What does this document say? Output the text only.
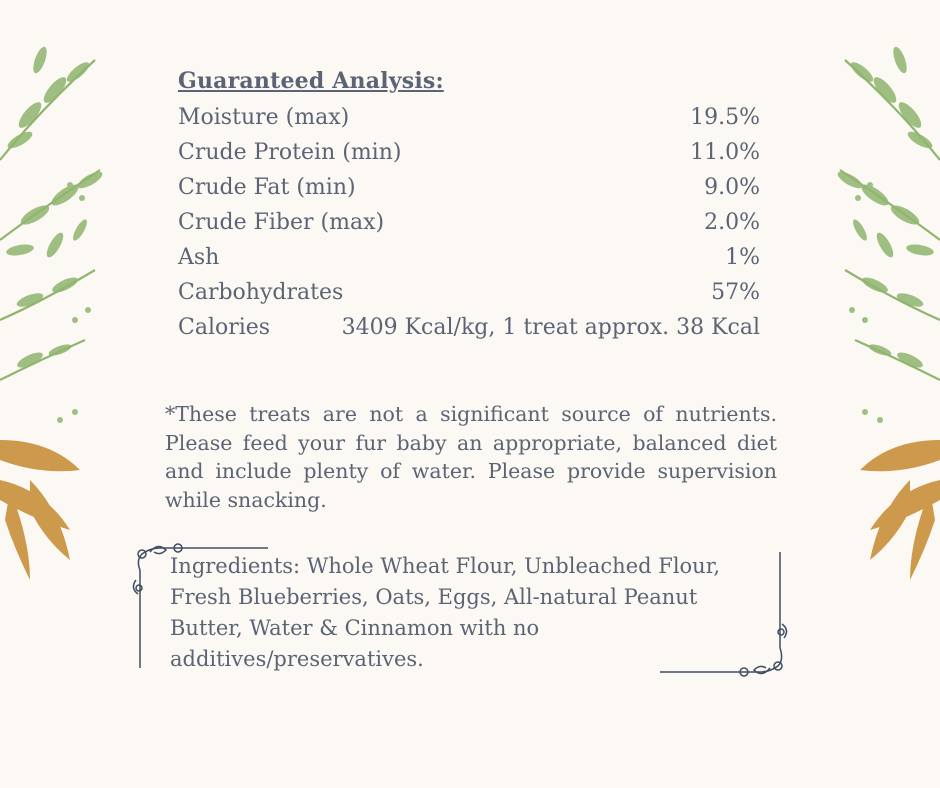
Guaranteed Analysis:
Moisture (max)	19.5%
Crude Protein (min)	11.0%
Crude Fat (min)	9.0%
Crude Fiber (max)	2.0%
Ash	1%
Carbohydrates	57%
Calories	3409 Kcal/kg, 1 treat approx. 38 Kcal
*These treats are not a significant source of nutrients. Please feed your fur baby an appropriate, balanced diet and include plenty of water. Please provide supervision while snacking.
Ingredients: Whole Wheat Flour, Unbleached Flour, Fresh Blueberries, Oats, Eggs, All-natural Peanut Butter, Water & Cinnamon with no additives/preservatives.
